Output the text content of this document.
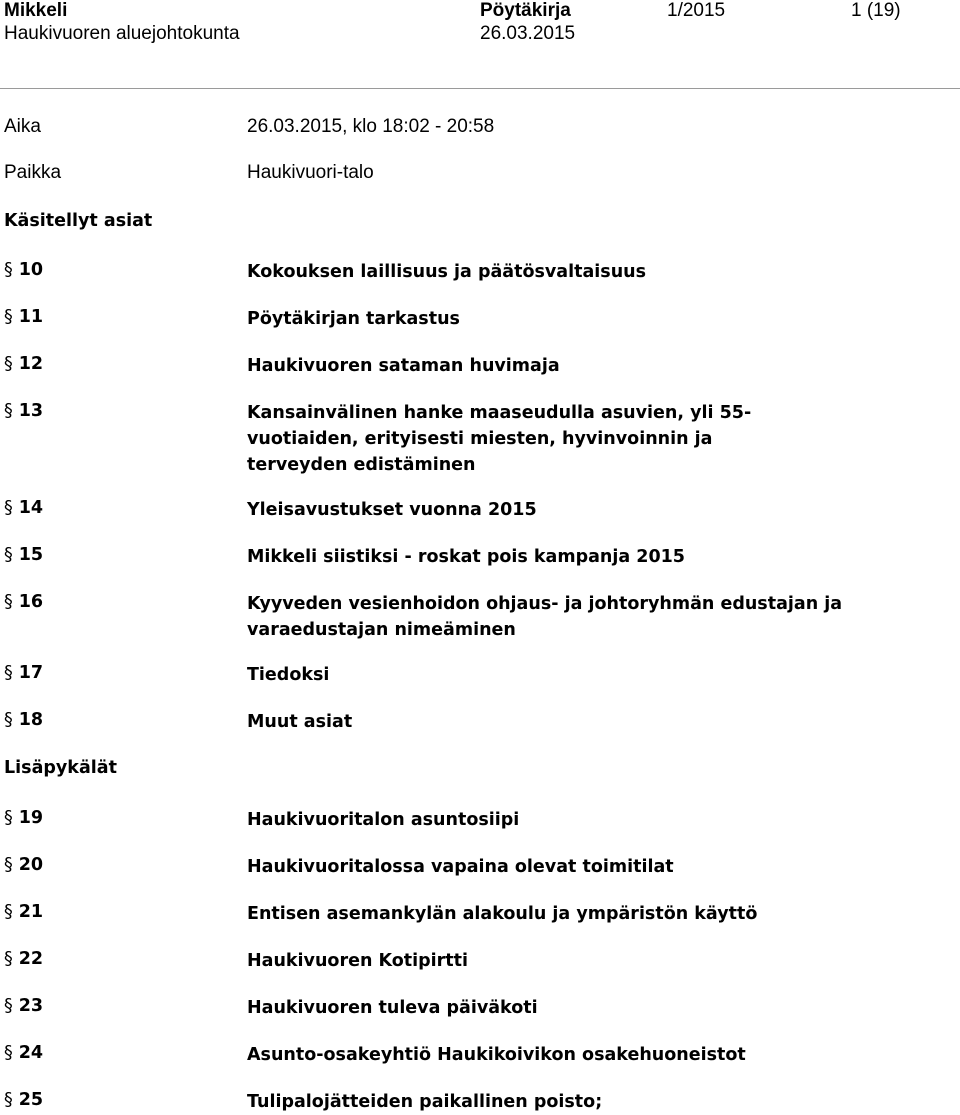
Mikkeli
Haukivuoren aluejohtokunta
Pöytäkirja
26.03.2015
1/2015	1 (19)
Aika	26.03.2015, klo 18:02 - 20:58
Paikka	Haukivuori-talo
Käsitellyt asiat
§ 10	Kokouksen laillisuus ja päätösvaltaisuus
§ 11	Pöytäkirjan tarkastus
§ 12	Haukivuoren sataman huvimaja
§ 13	Kansainvälinen hanke maaseudulla asuvien, yli 55-vuotiaiden, erityisesti miesten, hyvinvoinnin ja terveyden edistäminen
§ 14	Yleisavustukset vuonna 2015
§ 15	Mikkeli siistiksi - roskat pois kampanja 2015
§ 16	Kyyveden vesienhoidon ohjaus- ja johtoryhmän edustajan ja varaedustajan nimeäminen
§ 17	Tiedoksi
§ 18	Muut asiat
Lisäpykälät
§ 19	Haukivuoritalon asuntosiipi
§ 20	Haukivuoritalossa vapaina olevat toimitilat
§ 21	Entisen asemankylän alakoulu ja ympäristön käyttö
§ 22	Haukivuoren Kotipirtti
§ 23	Haukivuoren tuleva päiväkoti
§ 24	Asunto-osakeyhtiö Haukikoivikon osakehuoneistot
§ 25	Tulipalojätteiden paikallinen poisto;
